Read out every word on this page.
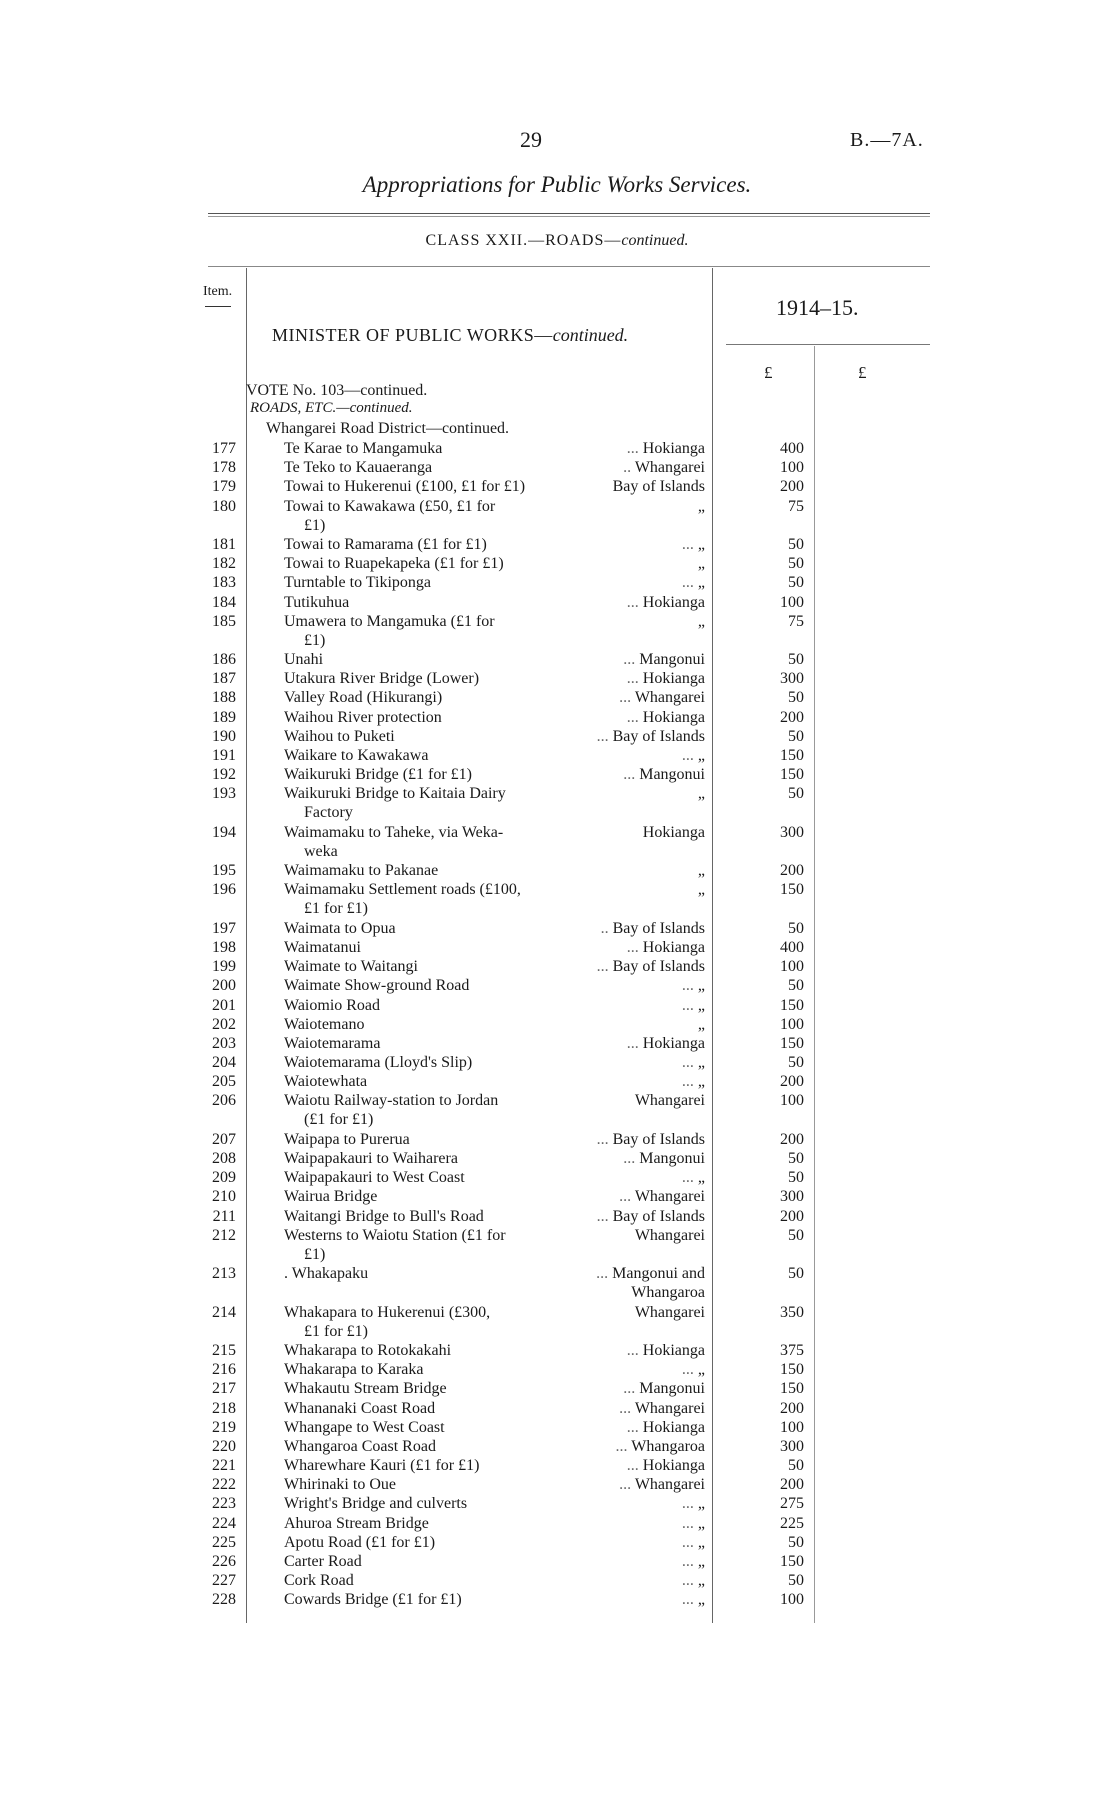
29	B.—7A.
Appropriations for Public Works Services.
CLASS XXII.—ROADS—continued.
Item.
1914–15.
MINISTER OF PUBLIC WORKS—continued.
£	£
VOTE No. 103—continued.
ROADS, ETC.—continued.
Whangarei Road District—continued.
177	Te Karae to Mangamuka	... Hokianga	400
178	Te Teko to Kauaeranga	.. Whangarei	100
179	Towai to Hukerenui (£100, £1 for £1)	Bay of Islands	200
180	Towai to Kawakawa (£50, £1 for
£1)
„	75
181	Towai to Ramarama (£1 for £1)	... „	50
182	Towai to Ruapekapeka (£1 for £1)	„	50
183	Turntable to Tikiponga	... „	50
184	Tutikuhua	... Hokianga	100
185	Umawera to Mangamuka (£1 for
£1)
„	75
186	Unahi	... Mangonui	50
187	Utakura River Bridge (Lower)	... Hokianga	300
188	Valley Road (Hikurangi)	... Whangarei	50
189	Waihou River protection	... Hokianga	200
190	Waihou to Puketi	... Bay of Islands	50
191	Waikare to Kawakawa	... „	150
192	Waikuruki Bridge (£1 for £1)	... Mangonui	150
193	Waikuruki Bridge to Kaitaia Dairy
Factory
„	50
194	Waimamaku to Taheke, via Weka-
weka
Hokianga	300
195	Waimamaku to Pakanae	„	200
196	Waimamaku Settlement roads (£100,
£1 for £1)
„	150
197	Waimata to Opua	.. Bay of Islands	50
198	Waimatanui	... Hokianga	400
199	Waimate to Waitangi	... Bay of Islands	100
200	Waimate Show-ground Road	... „	50
201	Waiomio Road	... „	150
202	Waiotemano	„	100
203	Waiotemarama	... Hokianga	150
204	Waiotemarama (Lloyd's Slip)	... „	50
205	Waiotewhata	... „	200
206	Waiotu Railway-station to Jordan
(£1 for £1)
Whangarei	100
207	Waipapa to Purerua	... Bay of Islands	200
208	Waipapakauri to Waiharera	... Mangonui	50
209	Waipapakauri to West Coast	... „	50
210	Wairua Bridge	... Whangarei	300
211	Waitangi Bridge to Bull's Road	... Bay of Islands	200
212	Westerns to Waiotu Station (£1 for
£1)
Whangarei	50
213	. Whakapaku	... Mangonui and
Whangaroa
50
214	Whakapara to Hukerenui (£300,
£1 for £1)
Whangarei	350
215	Whakarapa to Rotokakahi	... Hokianga	375
216	Whakarapa to Karaka	... „	150
217	Whakautu Stream Bridge	... Mangonui	150
218	Whananaki Coast Road	... Whangarei	200
219	Whangape to West Coast	... Hokianga	100
220	Whangaroa Coast Road	... Whangaroa	300
221	Wharewhare Kauri (£1 for £1)	... Hokianga	50
222	Whirinaki to Oue	... Whangarei	200
223	Wright's Bridge and culverts	... „	275
224	Ahuroa Stream Bridge	... „	225
225	Apotu Road (£1 for £1)	... „	50
226	Carter Road	... „	150
227	Cork Road	... „	50
228	Cowards Bridge (£1 for £1)	... „	100
